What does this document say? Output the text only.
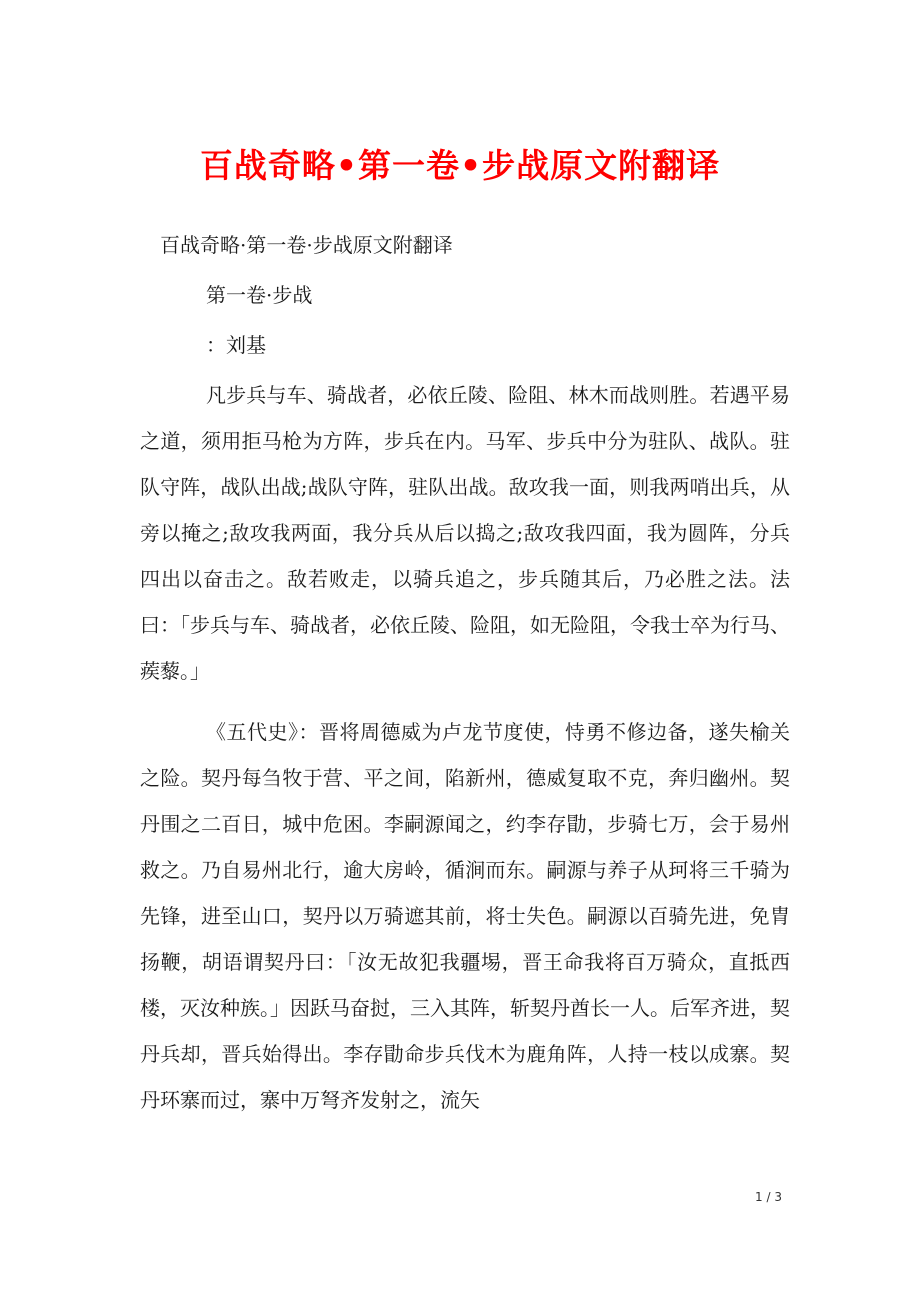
百战奇略•第一卷•步战原文附翻译
百战奇略·第一卷·步战原文附翻译
第一卷·步战
：刘基

凡步兵与车、骑战者，必依丘陵、险阻、林木而战则胜。若遇平易之道，须用拒马枪为方阵，步兵在内。马军、步兵中分为驻队、战队。驻队守阵，战队出战;战队守阵，驻队出战。敌攻我一面，则我两哨出兵，从旁以掩之;敌攻我两面，我分兵从后以捣之;敌攻我四面，我为圆阵，分兵四出以奋击之。敌若败走，以骑兵追之，步兵随其后，乃必胜之法。法曰：「步兵与车、骑战者，必依丘陵、险阻，如无险阻，令我士卒为行马、蒺藜。」

《五代史》：晋将周德威为卢龙节度使，恃勇不修边备，遂失榆关之险。契丹每刍牧于营、平之间，陷新州，德威复取不克，奔归幽州。契丹围之二百日，城中危困。李嗣源闻之，约李存勖，步骑七万，会于易州救之。乃自易州北行，逾大房岭，循涧而东。嗣源与养子从珂将三千骑为先锋，进至山口，契丹以万骑遮其前，将士失色。嗣源以百骑先进，免胄扬鞭，胡语谓契丹曰：「汝无故犯我疆埸，晋王命我将百万骑众，直抵西楼，灭汝种族。」因跃马奋挝，三入其阵，斩契丹酋长一人。后军齐进，契丹兵却，晋兵始得出。李存勖命步兵伐木为鹿角阵，人持一枝以成寨。契丹环寨而过，寨中万弩齐发射之，流矢

1 / 3
